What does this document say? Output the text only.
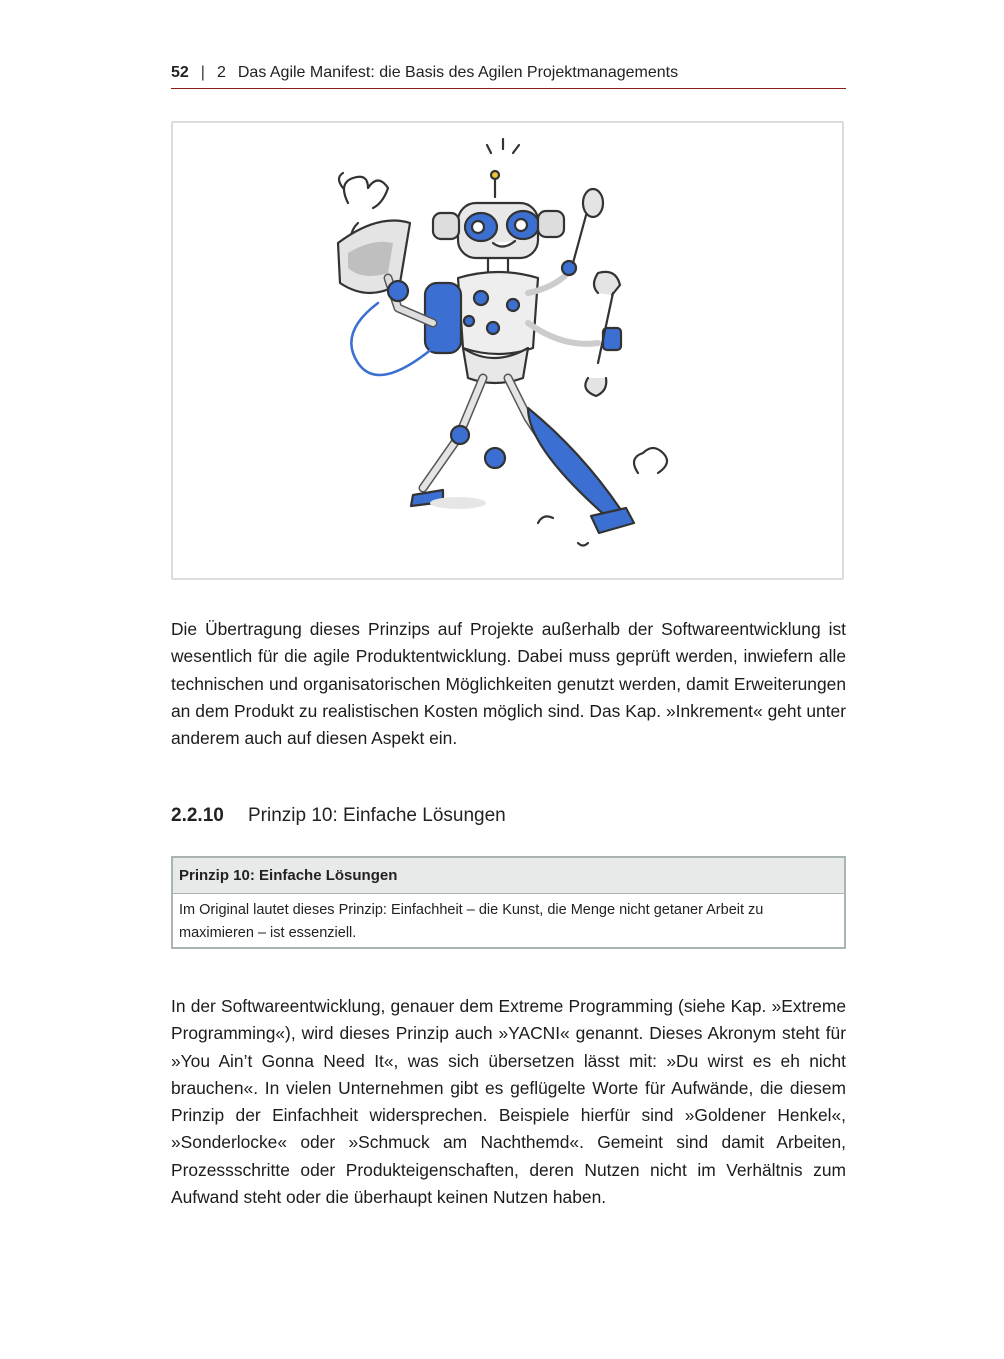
52 | 2 Das Agile Manifest: die Basis des Agilen Projektmanagements

Die Übertragung dieses Prinzips auf Projekte außerhalb der Softwareentwicklung ist wesentlich für die agile Produktentwicklung. Dabei muss geprüft werden, inwiefern alle technischen und organisatorischen Möglichkeiten genutzt werden, damit Erweiterungen an dem Produkt zu realistischen Kosten möglich sind. Das Kap. »Inkrement« geht unter anderem auch auf diesen Aspekt ein.

2.2.10	Prinzip 10: Einfache Lösungen
Prinzip 10: Einfache Lösungen
Im Original lautet dieses Prinzip: Einfachheit – die Kunst, die Menge nicht getaner Arbeit zu maximieren – ist essenziell.

In der Softwareentwicklung, genauer dem Extreme Programming (siehe Kap. »Extreme Programming«), wird dieses Prinzip auch »YACNI« genannt. Dieses Akronym steht für »You Ain’t Gonna Need It«, was sich übersetzen lässt mit: »Du wirst es eh nicht brauchen«. In vielen Unternehmen gibt es geflügelte Worte für Aufwände, die diesem Prinzip der Einfachheit widersprechen. Beispiele hierfür sind »Goldener Henkel«, »Sonderlocke« oder »Schmuck am Nachthemd«. Gemeint sind damit Arbeiten, Prozessschritte oder Produkteigenschaften, deren Nutzen nicht im Verhältnis zum Aufwand steht oder die überhaupt keinen Nutzen haben.
